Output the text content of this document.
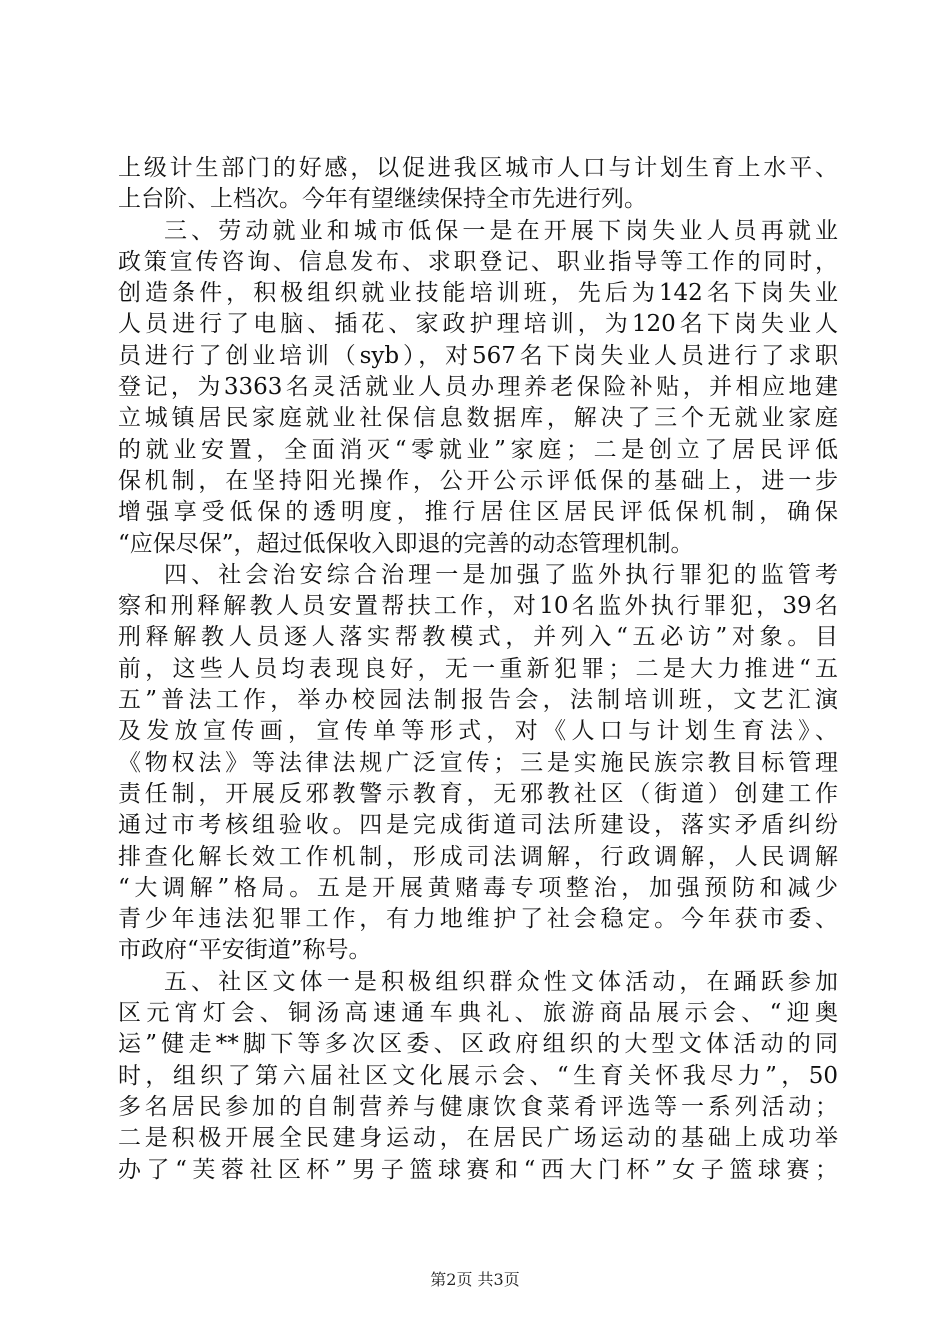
上级计生部门的好感，以促进我区城市人口与计划生育上水平、
上台阶、上档次。今年有望继续保持全市先进行列。
三、劳动就业和城市低保一是在开展下岗失业人员再就业
政策宣传咨询、信息发布、求职登记、职业指导等工作的同时，
创造条件，积极组织就业技能培训班，先后为142名下岗失业
人员进行了电脑、插花、家政护理培训，为120名下岗失业人
员进行了创业培训（syb），对567名下岗失业人员进行了求职
登记，为3363名灵活就业人员办理养老保险补贴，并相应地建
立城镇居民家庭就业社保信息数据库，解决了三个无就业家庭
的就业安置，全面消灭“零就业”家庭；二是创立了居民评低
保机制，在坚持阳光操作，公开公示评低保的基础上，进一步
增强享受低保的透明度，推行居住区居民评低保机制，确保
“应保尽保”，超过低保收入即退的完善的动态管理机制。
四、社会治安综合治理一是加强了监外执行罪犯的监管考
察和刑释解教人员安置帮扶工作，对10名监外执行罪犯，39名
刑释解教人员逐人落实帮教模式，并列入“五必访”对象。目
前，这些人员均表现良好，无一重新犯罪；二是大力推进“五
五”普法工作，举办校园法制报告会，法制培训班，文艺汇演
及发放宣传画，宣传单等形式，对《人口与计划生育法》、
《物权法》等法律法规广泛宣传；三是实施民族宗教目标管理
责任制，开展反邪教警示教育，无邪教社区（街道）创建工作
通过市考核组验收。四是完成街道司法所建设，落实矛盾纠纷
排查化解长效工作机制，形成司法调解，行政调解，人民调解
“大调解”格局。五是开展黄赌毒专项整治，加强预防和减少
青少年违法犯罪工作，有力地维护了社会稳定。今年获市委、
市政府“平安街道”称号。
五、社区文体一是积极组织群众性文体活动，在踊跃参加
区元宵灯会、铜汤高速通车典礼、旅游商品展示会、“迎奥
运”健走**脚下等多次区委、区政府组织的大型文体活动的同
时，组织了第六届社区文化展示会、“生育关怀我尽力”，50
多名居民参加的自制营养与健康饮食菜肴评选等一系列活动；
二是积极开展全民建身运动，在居民广场运动的基础上成功举
办了“芙蓉社区杯”男子篮球赛和“西大门杯”女子篮球赛；
第2页 共3页
